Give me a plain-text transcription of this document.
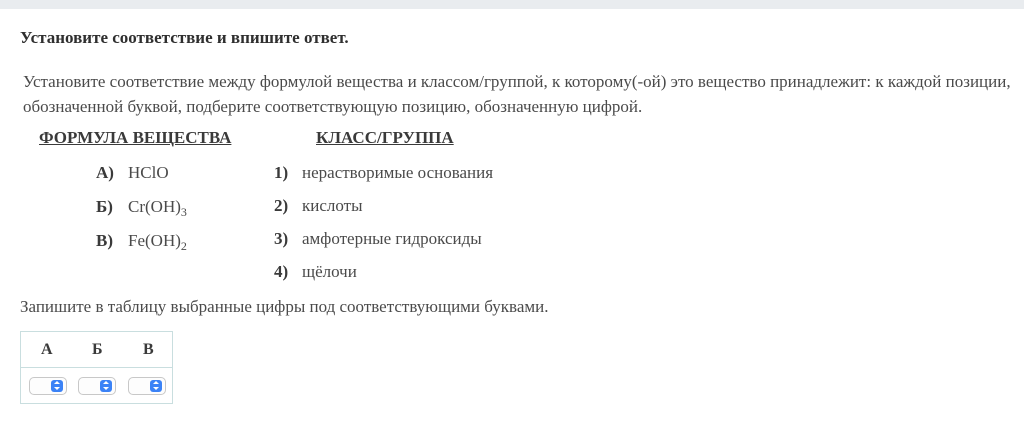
Установите соответствие и впишите ответ.
Установите соответствие между формулой вещества и классом/группой, к которому(-ой) это вещество принадлежит: к каждой позиции, обозначенной буквой, подберите соответствующую позицию, обозначенную цифрой.
ФОРМУЛА ВЕЩЕСТВА	КЛАСС/ГРУППА
А) HClO
Б) $Cr(OH)_3$
В) $Fe(OH)_2$
1) нерастворимые основания
2) кислоты
3) амфотерные гидроксиды
4) щёлочи
Запишите в таблицу выбранные цифры под соответствующими буквами.
А Б	В
